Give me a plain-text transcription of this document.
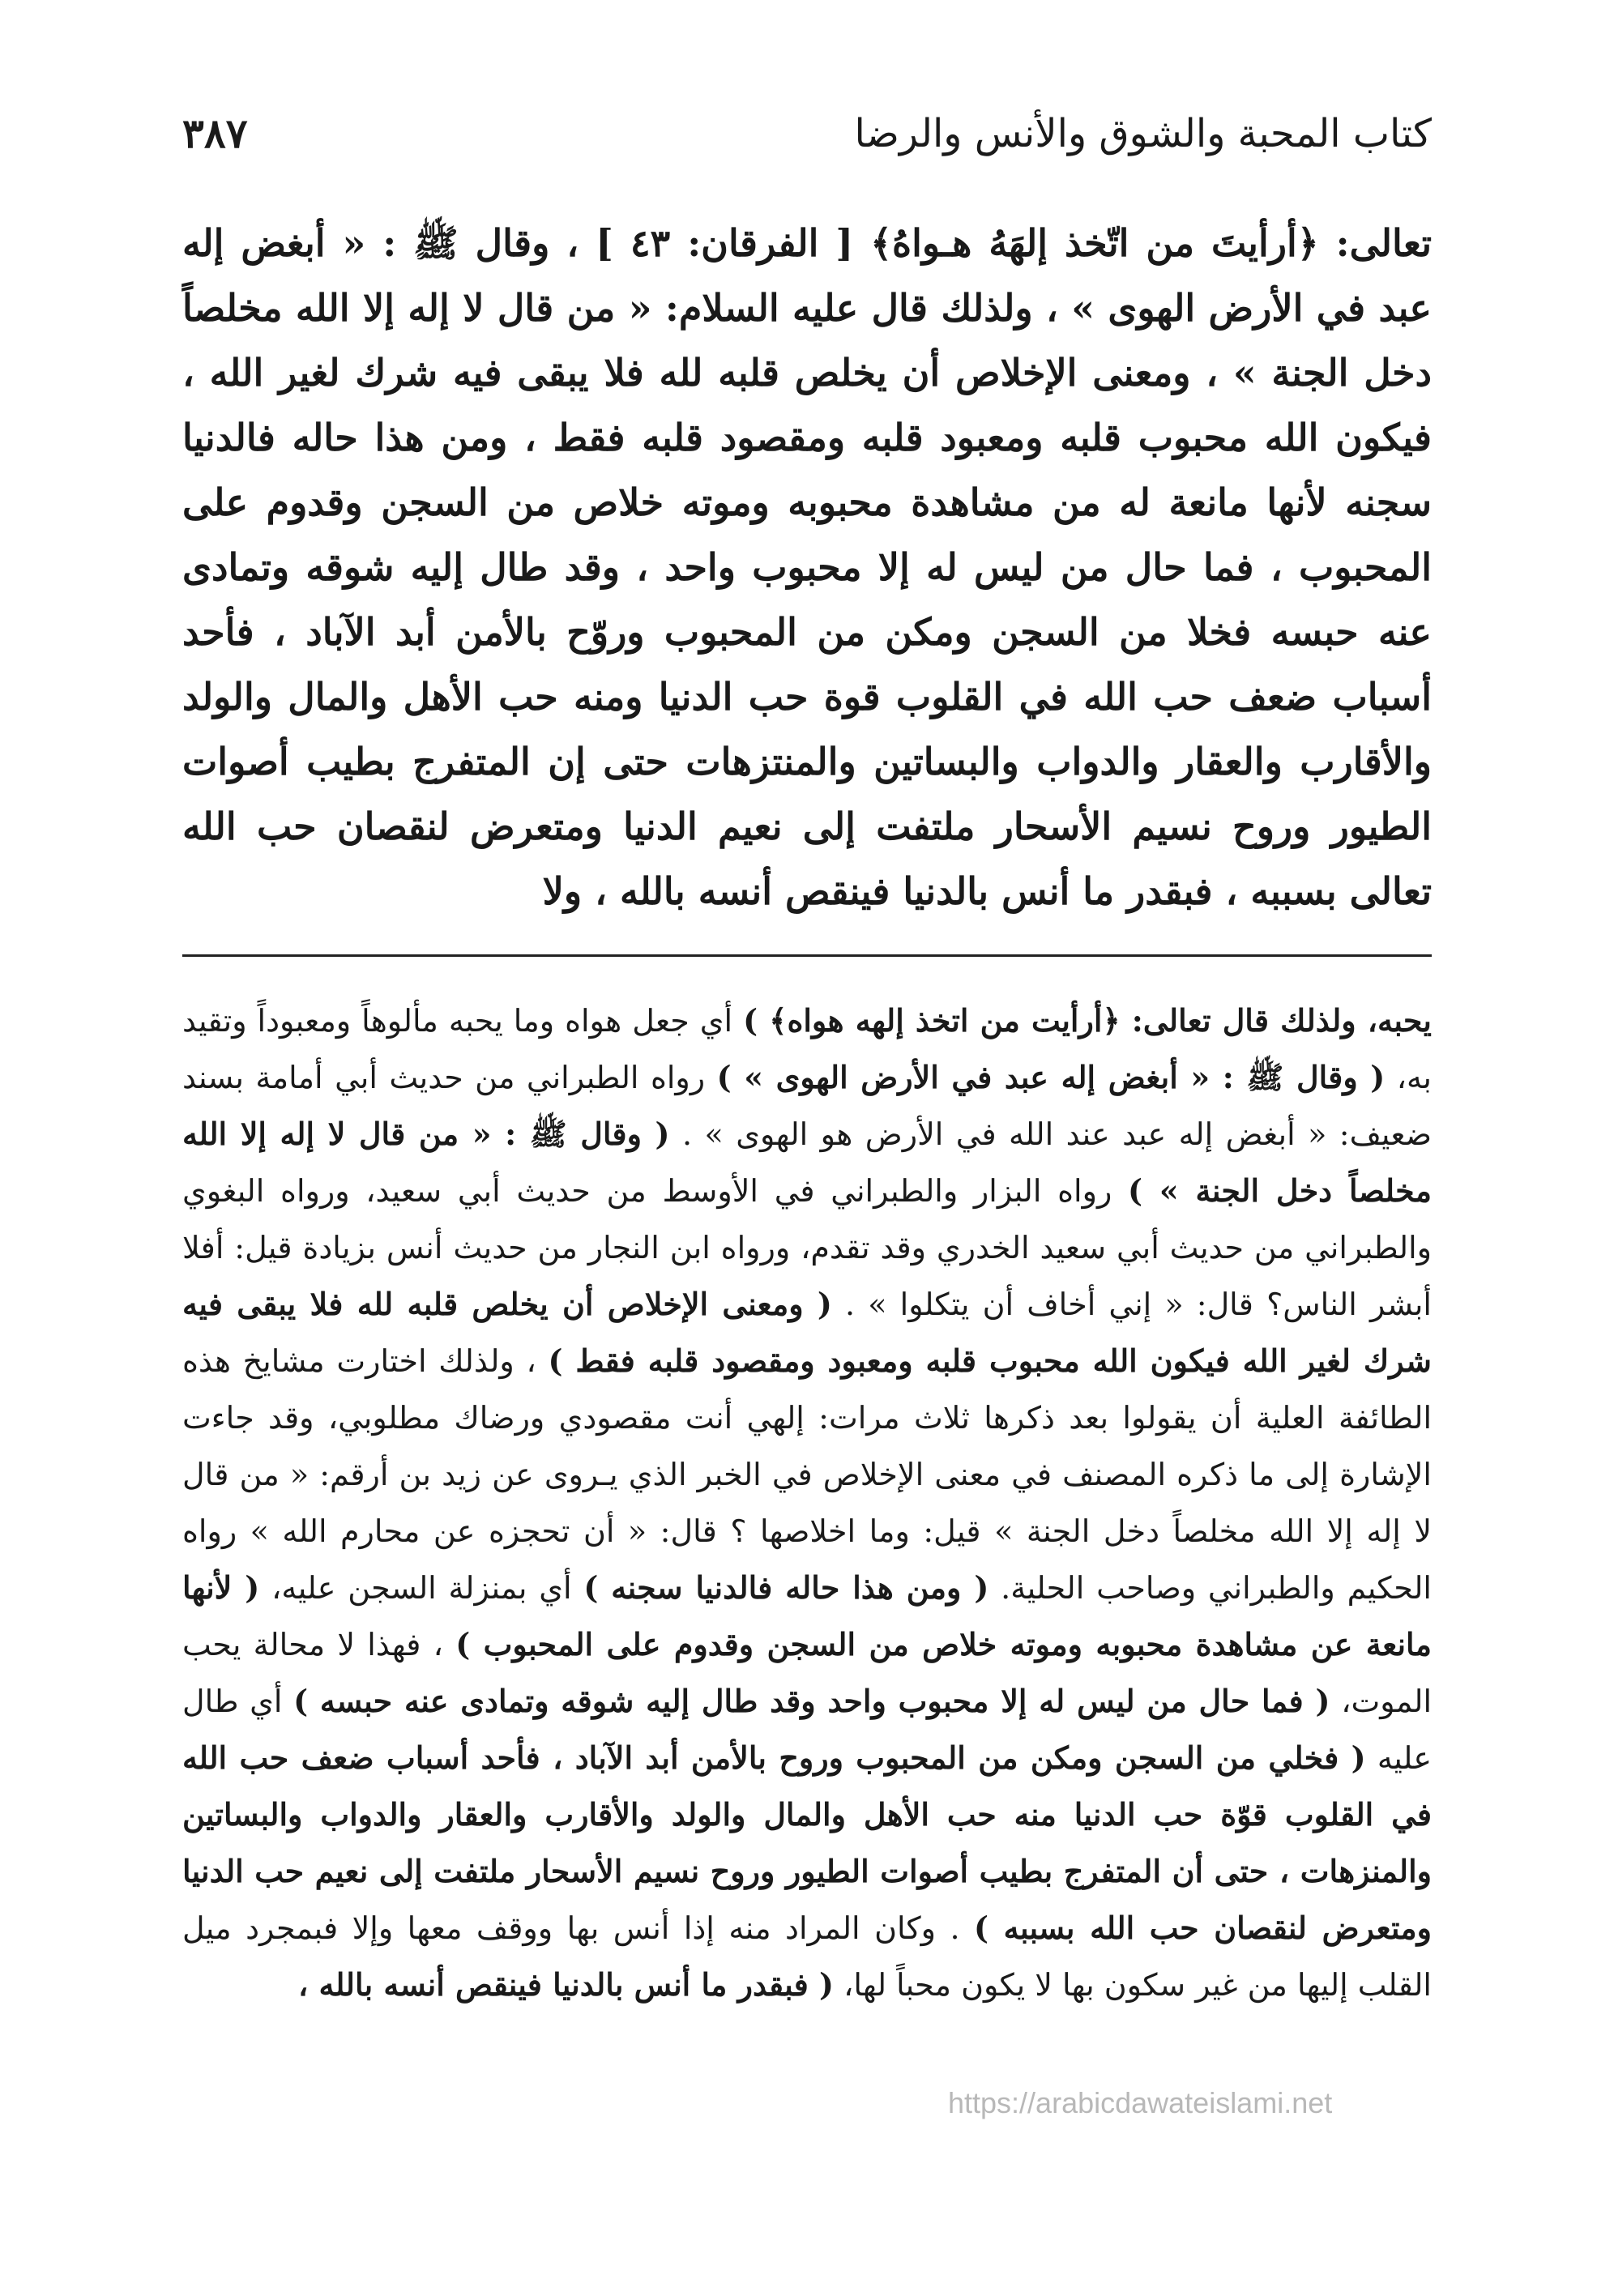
كتاب المحبة والشوق والأنس والرضا
٣٨٧

تعالى: ﴿أرأيتَ من اتّخذ إلهَهُ هـواهُ﴾ [ الفرقان: ٤٣ ] ، وقال ﷺ : « أبغض إله عبد في الأرض الهوى » ، ولذلك قال عليه السلام: « من قال لا إله إلا الله مخلصاً دخل الجنة » ، ومعنى الإخلاص أن يخلص قلبه لله فلا يبقى فيه شرك لغير الله ، فيكون الله محبوب قلبه ومعبود قلبه ومقصود قلبه فقط ، ومن هذا حاله فالدنيا سجنه لأنها مانعة له من مشاهدة محبوبه وموته خلاص من السجن وقدوم على المحبوب ، فما حال من ليس له إلا محبوب واحد ، وقد طال إليه شوقه وتمادى عنه حبسه فخلا من السجن ومكن من المحبوب وروّح بالأمن أبد الآباد ، فأحد أسباب ضعف حب الله في القلوب قوة حب الدنيا ومنه حب الأهل والمال والولد والأقارب والعقار والدواب والبساتين والمنتزهات حتى إن المتفرج بطيب أصوات الطيور وروح نسيم الأسحار ملتفت إلى نعيم الدنيا ومتعرض لنقصان حب الله تعالى بسببه ، فبقدر ما أنس بالدنيا فينقص أنسه بالله ، ولا

يحبه، ولذلك قال تعالى: ﴿أرأيت من اتخذ إلهه هواه﴾ ) أي جعل هواه وما يحبه مألوهاً ومعبوداً وتقيد به، ( وقال ﷺ : « أبغض إله عبد في الأرض الهوى » ) رواه الطبراني من حديث أبي أمامة بسند ضعيف: « أبغض إله عبد عند الله في الأرض هو الهوى » . ( وقال ﷺ : « من قال لا إله إلا الله مخلصاً دخل الجنة » ) رواه البزار والطبراني في الأوسط من حديث أبي سعيد، ورواه البغوي والطبراني من حديث أبي سعيد الخدري وقد تقدم، ورواه ابن النجار من حديث أنس بزيادة قيل: أفلا أبشر الناس؟ قال: « إني أخاف أن يتكلوا » . ( ومعنى الإخلاص أن يخلص قلبه لله فلا يبقى فيه شرك لغير الله فيكون الله محبوب قلبه ومعبود ومقصود قلبه فقط ) ، ولذلك اختارت مشايخ هذه الطائفة العلية أن يقولوا بعد ذكرها ثلاث مرات: إلهي أنت مقصودي ورضاك مطلوبي، وقد جاءت الإشارة إلى ما ذكره المصنف في معنى الإخلاص في الخبر الذي يـروى عن زيد بن أرقم: « من قال لا إله إلا الله مخلصاً دخل الجنة » قيل: وما اخلاصها ؟ قال: « أن تحجزه عن محارم الله » رواه الحكيم والطبراني وصاحب الحلية. ( ومن هذا حاله فالدنيا سجنه ) أي بمنزلة السجن عليه، ( لأنها مانعة عن مشاهدة محبوبه وموته خلاص من السجن وقدوم على المحبوب ) ، فهذا لا محالة يحب الموت، ( فما حال من ليس له إلا محبوب واحد وقد طال إليه شوقه وتمادى عنه حبسه ) أي طال عليه ( فخلي من السجن ومكن من المحبوب وروح بالأمن أبد الآباد ، فأحد أسباب ضعف حب الله في القلوب قوّة حب الدنيا منه حب الأهل والمال والولد والأقارب والعقار والدواب والبساتين والمنزهات ، حتى أن المتفرج بطيب أصوات الطيور وروح نسيم الأسحار ملتفت إلى نعيم حب الدنيا ومتعرض لنقصان حب الله بسببه ) . وكان المراد منه إذا أنس بها ووقف معها وإلا فبمجرد ميل القلب إليها من غير سكون بها لا يكون محباً لها، ( فبقدر ما أنس بالدنيا فينقص أنسه بالله ،

https://arabicdawateislami.net
